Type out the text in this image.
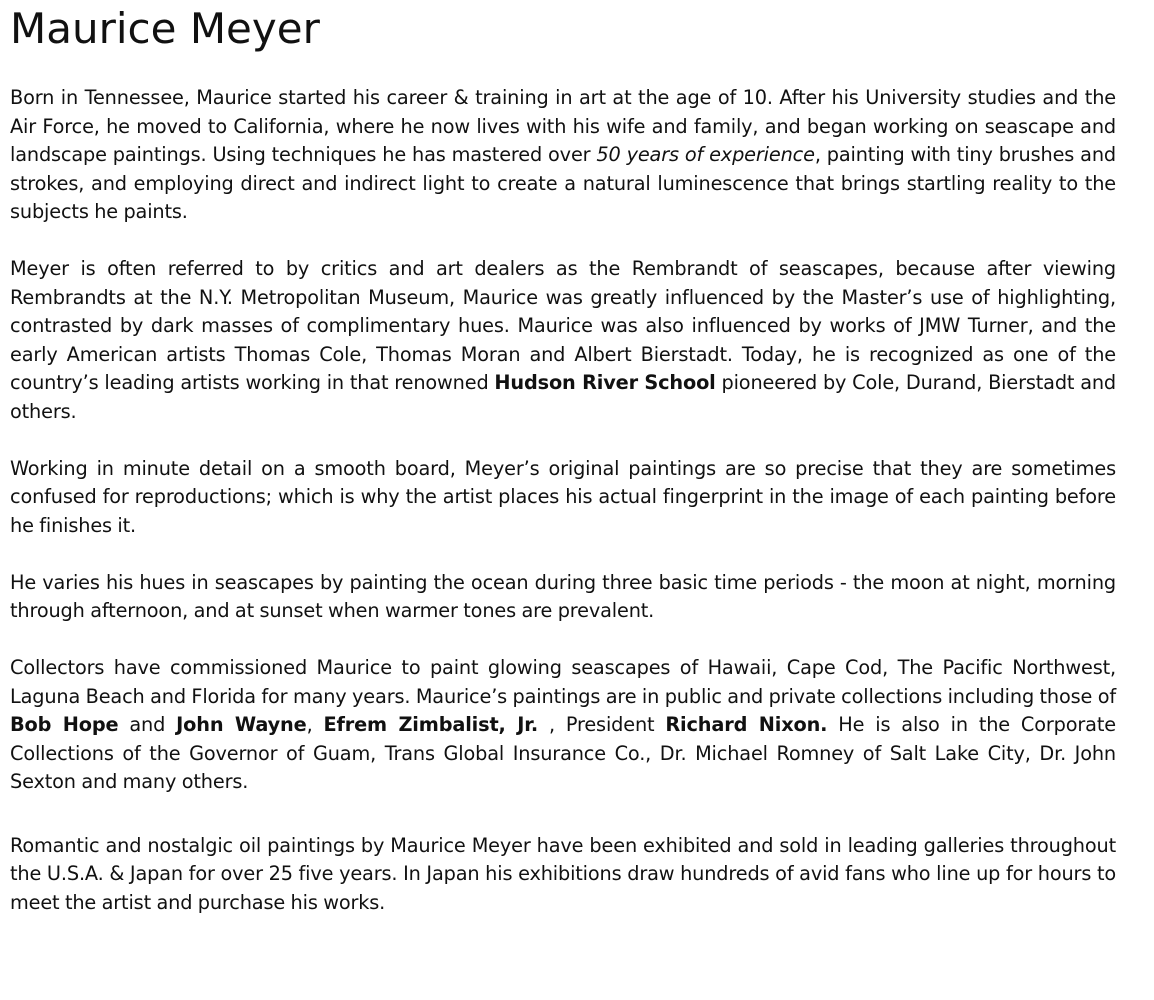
Maurice Meyer

Born in Tennessee, Maurice started his career & training in art at the age of 10. After his University studies and the Air Force, he moved to California, where he now lives with his wife and family, and began working on seascape and landscape paintings. Using techniques he has mastered over 50 years of experience, painting with tiny brushes and strokes, and employing direct and indirect light to create a natural luminescence that brings startling reality to the subjects he paints.

Meyer is often referred to by critics and art dealers as the Rembrandt of seascapes, because after viewing Rembrandts at the N.Y. Metropolitan Museum, Maurice was greatly influenced by the Master’s use of highlighting, contrasted by dark masses of complimentary hues. Maurice was also influenced by works of JMW Turner, and the early American artists Thomas Cole, Thomas Moran and Albert Bierstadt. Today, he is recognized as one of the country’s leading artists working in that renowned Hudson River School pioneered by Cole, Durand, Bierstadt and others.

Working in minute detail on a smooth board, Meyer’s original paintings are so precise that they are sometimes confused for reproductions; which is why the artist places his actual fingerprint in the image of each painting before he finishes it.

He varies his hues in seascapes by painting the ocean during three basic time periods - the moon at night, morning through afternoon, and at sunset when warmer tones are prevalent.

Collectors have commissioned Maurice to paint glowing seascapes of Hawaii, Cape Cod, The Pacific Northwest, Laguna Beach and Florida for many years. Maurice’s paintings are in public and private collections including those of Bob Hope and John Wayne, Efrem Zimbalist, Jr. , President Richard Nixon. He is also in the Corporate Collections of the Governor of Guam, Trans Global Insurance Co., Dr. Michael Romney of Salt Lake City, Dr. John Sexton and many others.

Romantic and nostalgic oil paintings by Maurice Meyer have been exhibited and sold in leading galleries throughout the U.S.A. & Japan for over 25 five years. In Japan his exhibitions draw hundreds of avid fans who line up for hours to meet the artist and purchase his works.
